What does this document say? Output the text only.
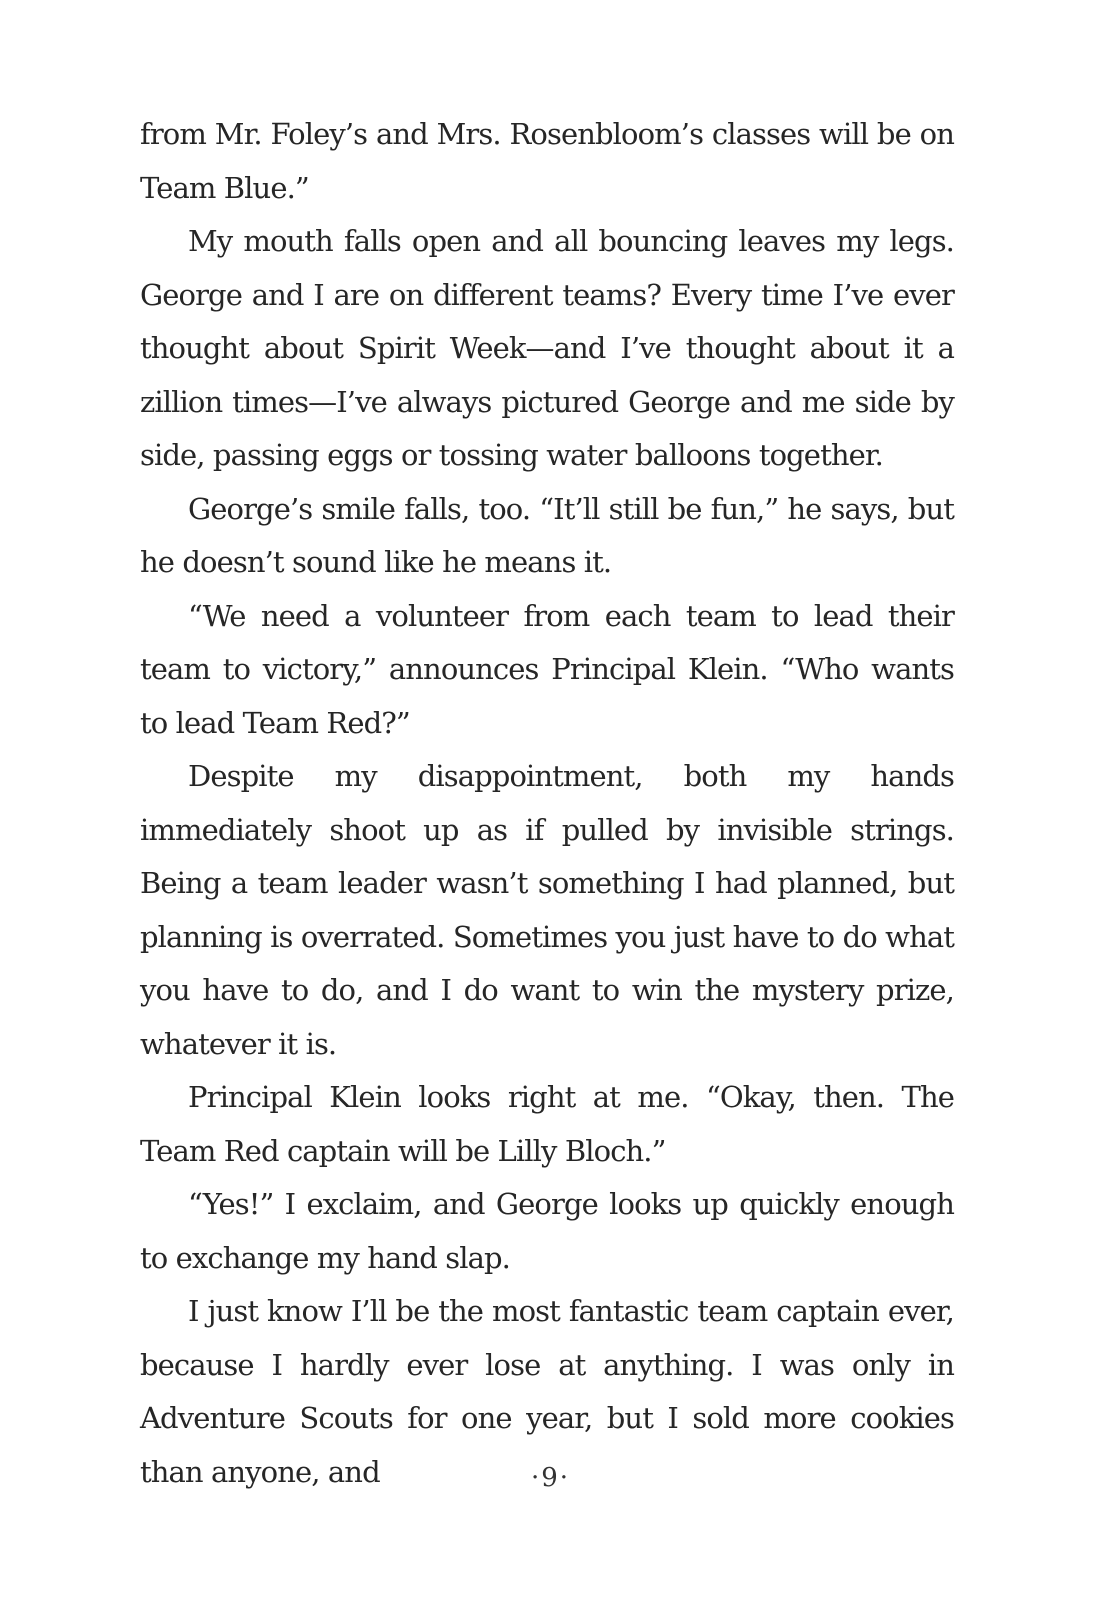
from Mr. Foley’s and Mrs. Rosenbloom’s classes will be on Team Blue.”

My mouth falls open and all bouncing leaves my legs. George and I are on different teams? Every time I’ve ever thought about Spirit Week—and I’ve thought about it a zillion times—I’ve always pictured George and me side by side, passing eggs or tossing water balloons together.

George’s smile falls, too. “It’ll still be fun,” he says, but he doesn’t sound like he means it.

“We need a volunteer from each team to lead their team to victory,” announces Principal Klein. “Who wants to lead Team Red?”

Despite my disappointment, both my hands immediately shoot up as if pulled by invisible strings. Being a team leader wasn’t something I had planned, but planning is overrated. Sometimes you just have to do what you have to do, and I do want to win the mystery prize, whatever it is.

Principal Klein looks right at me. “Okay, then. The Team Red captain will be Lilly Bloch.”

“Yes!” I exclaim, and George looks up quickly enough to exchange my hand slap.

I just know I’ll be the most fantastic team captain ever, because I hardly ever lose at anything. I was only in Adventure Scouts for one year, but I sold more cookies than anyone, and	·9·
